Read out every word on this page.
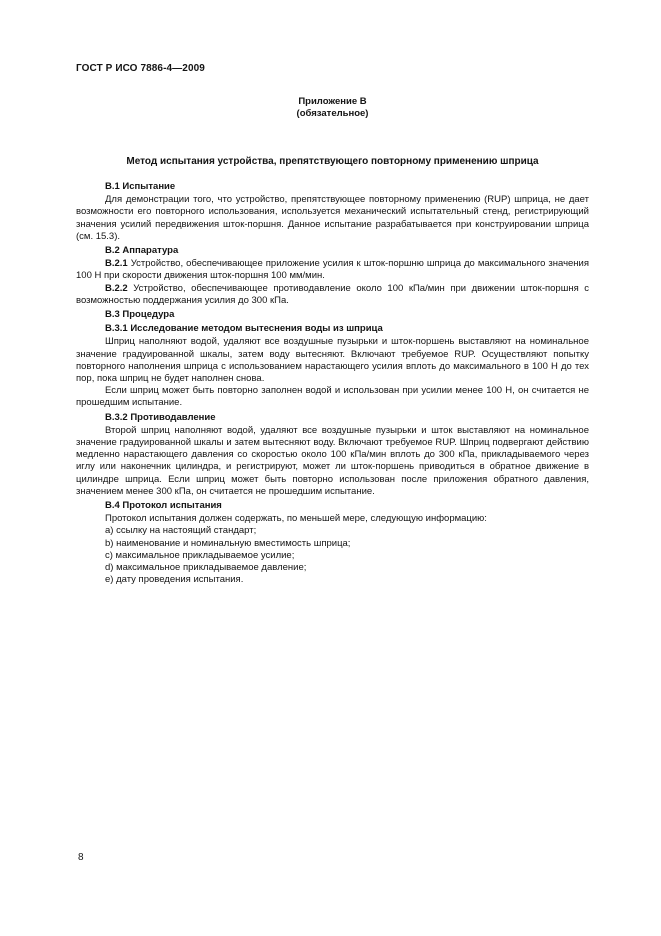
ГОСТ Р ИСО 7886-4—2009
Приложение В
(обязательное)
Метод испытания устройства, препятствующего повторному применению шприца
В.1 Испытание

Для демонстрации того, что устройство, препятствующее повторному применению (RUP) шприца, не дает возможности его повторного использования, используется механический испытательный стенд, регистрирующий значения усилий передвижения шток-поршня. Данное испытание разрабатывается при конструировании шприца (см. 15.3).

В.2 Аппаратура

В.2.1 Устройство, обеспечивающее приложение усилия к шток-поршню шприца до максимального значения 100 Н при скорости движения шток-поршня 100 мм/мин.

В.2.2 Устройство, обеспечивающее противодавление около 100 кПа/мин при движении шток-поршня с возможностью поддержания усилия до 300 кПа.

В.3 Процедура
В.3.1 Исследование методом вытеснения воды из шприца

Шприц наполняют водой, удаляют все воздушные пузырьки и шток-поршень выставляют на номинальное значение градуированной шкалы, затем воду вытесняют. Включают требуемое RUP. Осуществляют попытку повторного наполнения шприца с использованием нарастающего усилия вплоть до максимального в 100 Н до тех пор, пока шприц не будет наполнен снова.

Если шприц может быть повторно заполнен водой и использован при усилии менее 100 Н, он считается не прошедшим испытание.

В.3.2 Противодавление

Второй шприц наполняют водой, удаляют все воздушные пузырьки и шток выставляют на номинальное значение градуированной шкалы и затем вытесняют воду. Включают требуемое RUP. Шприц подвергают действию медленно нарастающего давления со скоростью около 100 кПа/мин вплоть до 300 кПа, прикладываемого через иглу или наконечник цилиндра, и регистрируют, может ли шток-поршень приводиться в обратное движение в цилиндре шприца. Если шприц может быть повторно использован после приложения обратного давления, значением менее 300 кПа, он считается не прошедшим испытание.

В.4 Протокол испытания

Протокол испытания должен содержать, по меньшей мере, следующую информацию:

a) ссылку на настоящий стандарт;

b) наименование и номинальную вместимость шприца;

c) максимальное прикладываемое усилие;

d) максимальное прикладываемое давление;

e) дату проведения испытания.

8
